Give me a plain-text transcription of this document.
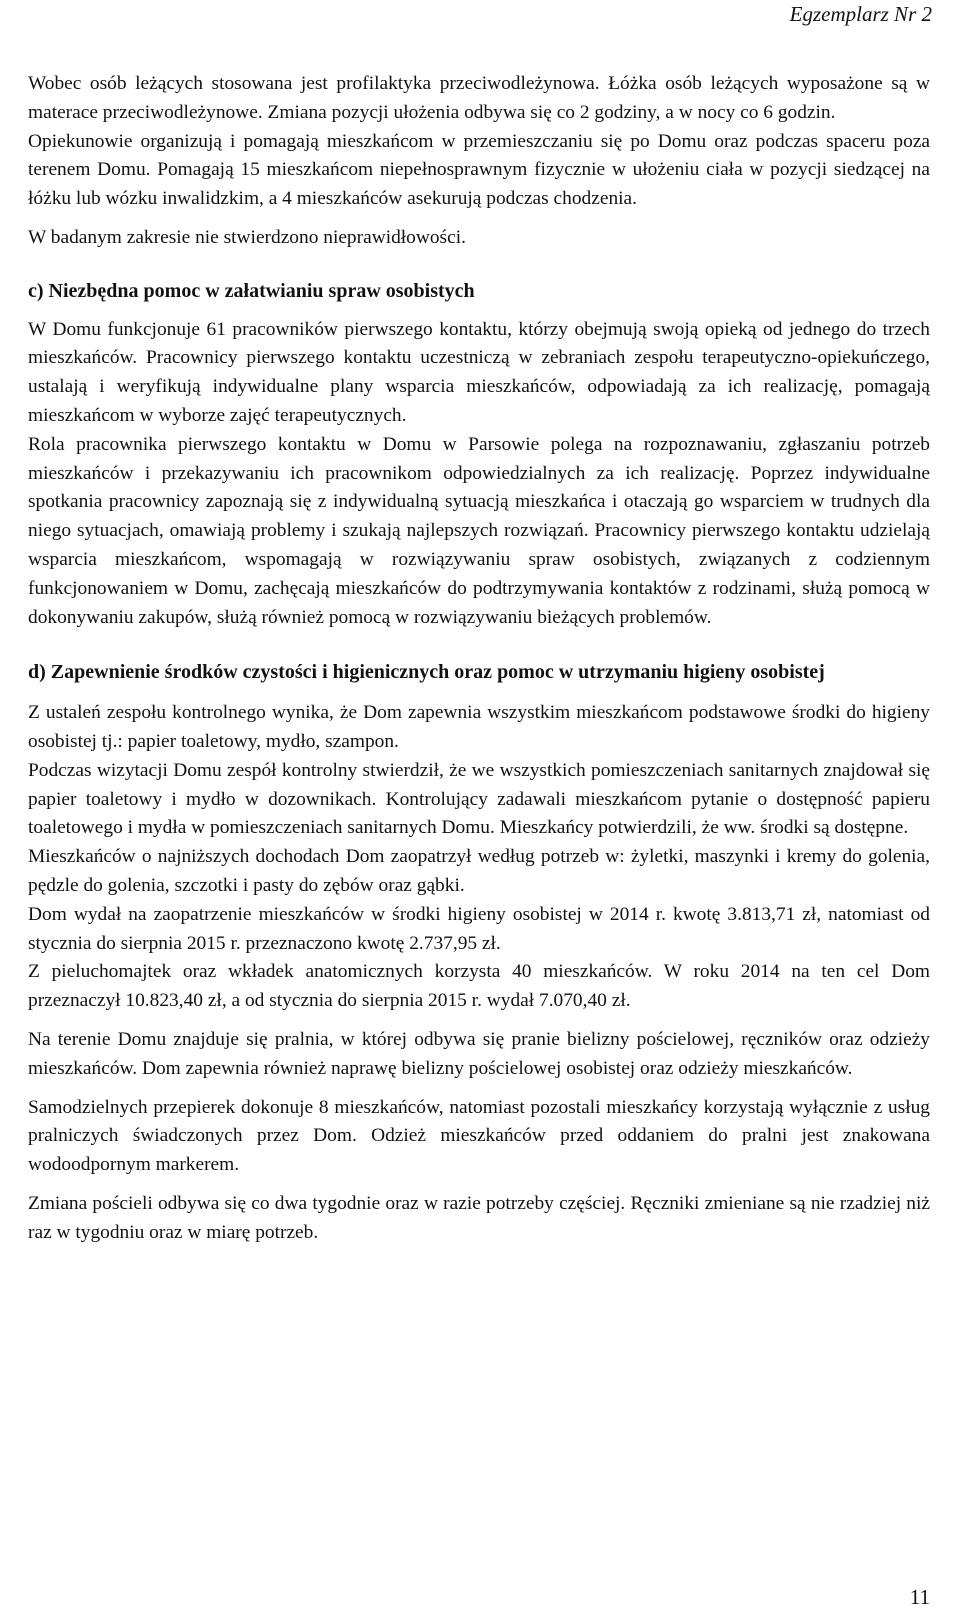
Egzemplarz Nr 2

Wobec osób leżących stosowana jest profilaktyka przeciwodleżynowa. Łóżka osób leżących wyposażone są w materace przeciwodleżynowe. Zmiana pozycji ułożenia odbywa się co 2 godziny, a w nocy co 6 godzin.

Opiekunowie organizują i pomagają mieszkańcom w przemieszczaniu się po Domu oraz podczas spaceru poza terenem Domu. Pomagają 15 mieszkańcom niepełnosprawnym fizycznie w ułożeniu ciała w pozycji siedzącej na łóżku lub wózku inwalidzkim, a 4 mieszkańców asekurują podczas chodzenia.

W badanym zakresie nie stwierdzono nieprawidłowości.

c) Niezbędna pomoc w załatwianiu spraw osobistych

W Domu funkcjonuje 61 pracowników pierwszego kontaktu, którzy obejmują swoją opieką od jednego do trzech mieszkańców. Pracownicy pierwszego kontaktu uczestniczą w zebraniach zespołu terapeutyczno-opiekuńczego, ustalają i weryfikują indywidualne plany wsparcia mieszkańców, odpowiadają za ich realizację, pomagają mieszkańcom w wyborze zajęć terapeutycznych.

Rola pracownika pierwszego kontaktu w Domu w Parsowie polega na rozpoznawaniu, zgłaszaniu potrzeb mieszkańców i przekazywaniu ich pracownikom odpowiedzialnych za ich realizację. Poprzez indywidualne spotkania pracownicy zapoznają się z indywidualną sytuacją mieszkańca i otaczają go wsparciem w trudnych dla niego sytuacjach, omawiają problemy i szukają najlepszych rozwiązań. Pracownicy pierwszego kontaktu udzielają wsparcia mieszkańcom, wspomagają w rozwiązywaniu spraw osobistych, związanych z codziennym funkcjonowaniem w Domu, zachęcają mieszkańców do podtrzymywania kontaktów z rodzinami, służą pomocą w dokonywaniu zakupów, służą również pomocą w rozwiązywaniu bieżących problemów.

d) Zapewnienie środków czystości i higienicznych oraz pomoc w utrzymaniu higieny osobistej

Z ustaleń zespołu kontrolnego wynika, że Dom zapewnia wszystkim mieszkańcom podstawowe środki do higieny osobistej tj.: papier toaletowy, mydło, szampon.

Podczas wizytacji Domu zespół kontrolny stwierdził, że we wszystkich pomieszczeniach sanitarnych znajdował się papier toaletowy i mydło w dozownikach. Kontrolujący zadawali mieszkańcom pytanie o dostępność papieru toaletowego i mydła w pomieszczeniach sanitarnych Domu. Mieszkańcy potwierdzili, że ww. środki są dostępne.

Mieszkańców o najniższych dochodach Dom zaopatrzył według potrzeb w: żyletki, maszynki i kremy do golenia, pędzle do golenia, szczotki i pasty do zębów oraz gąbki.

Dom wydał na zaopatrzenie mieszkańców w środki higieny osobistej w 2014 r. kwotę 3.813,71 zł, natomiast od stycznia do sierpnia 2015 r. przeznaczono kwotę 2.737,95 zł.

Z pieluchomajtek oraz wkładek anatomicznych korzysta 40 mieszkańców. W roku 2014 na ten cel Dom przeznaczył 10.823,40 zł, a od stycznia do sierpnia 2015 r. wydał 7.070,40 zł.

Na terenie Domu znajduje się pralnia, w której odbywa się pranie bielizny pościelowej, ręczników oraz odzieży mieszkańców. Dom zapewnia również naprawę bielizny pościelowej osobistej oraz odzieży mieszkańców.

Samodzielnych przepierek dokonuje 8 mieszkańców, natomiast pozostali mieszkańcy korzystają wyłącznie z usług pralniczych świadczonych przez Dom. Odzież mieszkańców przed oddaniem do pralni jest znakowana wodoodpornym markerem.

Zmiana pościeli odbywa się co dwa tygodnie oraz w razie potrzeby częściej. Ręczniki zmieniane są nie rzadziej niż raz w tygodniu oraz w miarę potrzeb.

11
